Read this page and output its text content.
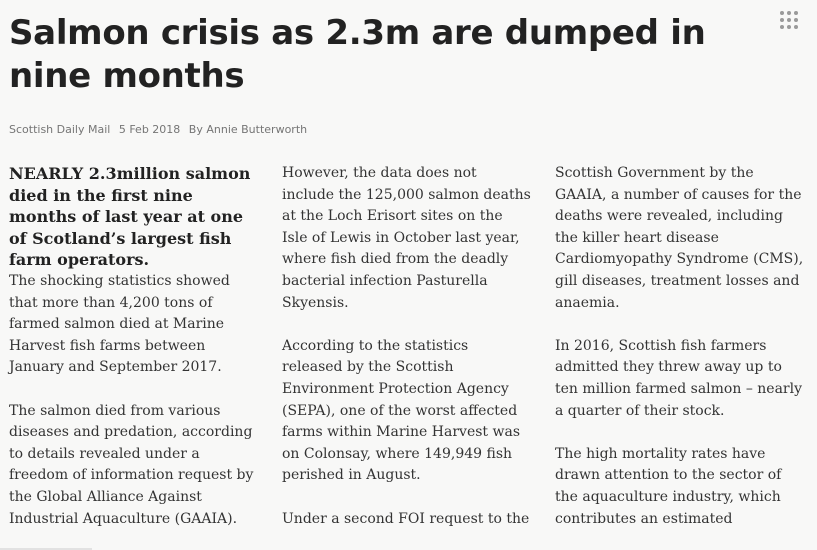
Salmon crisis as 2.3m are dumped in nine months
Scottish Daily Mail 5 Feb 2018 By Annie Butterworth
NEARLY 2.3million salmon died in the first nine months of last year at one of Scotland’s largest fish farm operators.

The shocking statistics showed that more than 4,200 tons of farmed salmon died at Marine Harvest fish farms between January and September 2017.

The salmon died from various diseases and predation, according to details revealed under a freedom of information request by the Global Alliance Against Industrial Aquaculture (GAAIA).

However, the data does not include the 125,000 salmon deaths at the Loch Erisort sites on the Isle of Lewis in October last year, where fish died from the deadly bacterial infection Pasturella Skyensis.

According to the statistics released by the Scottish Environment Protection Agency (SEPA), one of the worst affected farms within Marine Harvest was on Colonsay, where 149,949 fish perished in August.

Under a second FOI request to the

Scottish Government by the GAAIA, a number of causes for the deaths were revealed, including the killer heart disease Cardiomyopathy Syndrome (CMS), gill diseases, treatment losses and anaemia.

In 2016, Scottish fish farmers admitted they threw away up to ten million farmed salmon – nearly a quarter of their stock.

The high mortality rates have drawn attention to the sector of the aquaculture industry, which contributes an estimated
